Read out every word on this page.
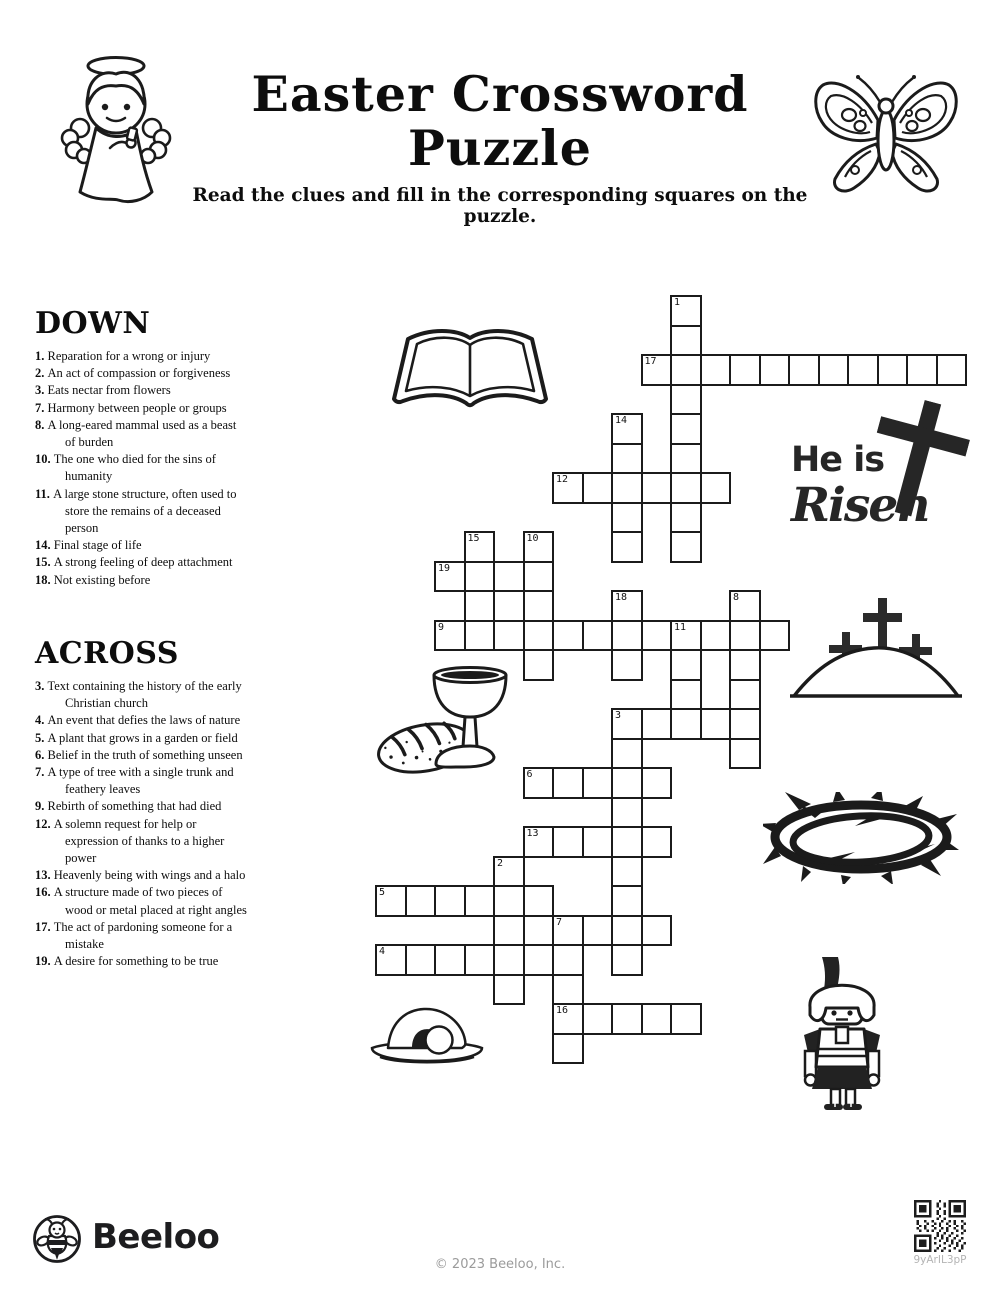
Easter Crossword Puzzle
Read the clues and fill in the corresponding squares on the puzzle.
DOWN
1. Reparation for a wrong or injury
2. An act of compassion or forgiveness
3. Eats nectar from flowers
7. Harmony between people or groups
8. A long-eared mammal used as a beast of burden
10. The one who died for the sins of humanity
11. A large stone structure, often used to store the remains of a deceased person
14. Final stage of life
15. A strong feeling of deep attachment
18. Not existing before
ACROSS
3. Text containing the history of the early Christian church
4. An event that defies the laws of nature
5. A plant that grows in a garden or field
6. Belief in the truth of something unseen
7. A type of tree with a single trunk and feathery leaves
9. Rebirth of something that had died
12. A solemn request for help or expression of thanks to a higher power
13. Heavenly being with wings and a halo
16. A structure made of two pieces of wood or metal placed at right angles
17. The act of pardoning someone for a mistake
19. A desire for something to be true
He is
Risen
1
17
14
12
15	10
19
18	8
9	11
3
6
13
2
5
7
16
4
Beeloo
© 2023 Beeloo, Inc.	9yArIL3pP
